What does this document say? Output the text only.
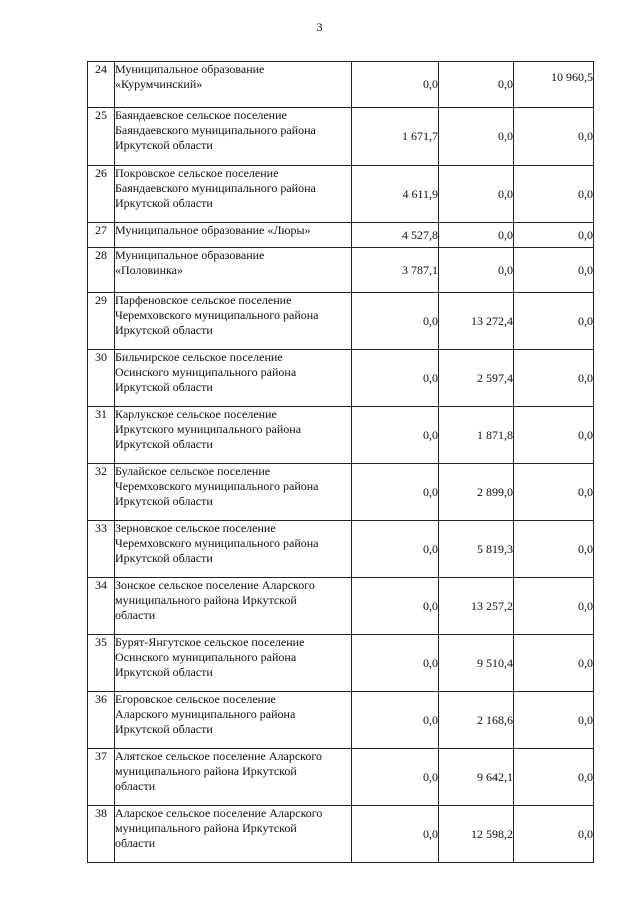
3
24	Муниципальное образование
«Курумчинский»	0,0	0,0	10 960,5
25	Баяндаевское сельское поселение
Баяндаевского муниципального района
Иркутской области	1 671,7	0,0	0,0
26	Покровское сельское поселение
Баяндаевского муниципального района
Иркутской области	4 611,9	0,0	0,0
27	Муниципальное образование «Люры»	4 527,8	0,0	0,0
28	Муниципальное образование
«Половинка»	3 787,1	0,0	0,0
29	Парфеновское сельское поселение
Черемховского муниципального района
Иркутской области	0,0	13 272,4	0,0
30	Бильчирское сельское поселение
Осинского муниципального района
Иркутской области	0,0	2 597,4	0,0
31	Карлукское сельское поселение
Иркутского муниципального района
Иркутской области	0,0	1 871,8	0,0
32	Булайское сельское поселение
Черемховского муниципального района
Иркутской области	0,0	2 899,0	0,0
33	Зерновское сельское поселение
Черемховского муниципального района
Иркутской области	0,0	5 819,3	0,0
34	Зонское сельское поселение Аларского
муниципального района Иркутской
области	0,0	13 257,2	0,0
35	Бурят-Янгутское сельское поселение
Осинского муниципального района
Иркутской области	0,0	9 510,4	0,0
36	Егоровское сельское поселение
Аларского муниципального района
Иркутской области	0,0	2 168,6	0,0
37	Алятское сельское поселение Аларского
муниципального района Иркутской
области	0,0	9 642,1	0,0
38	Аларское сельское поселение Аларского
муниципального района Иркутской
области	0,0	12 598,2	0,0
